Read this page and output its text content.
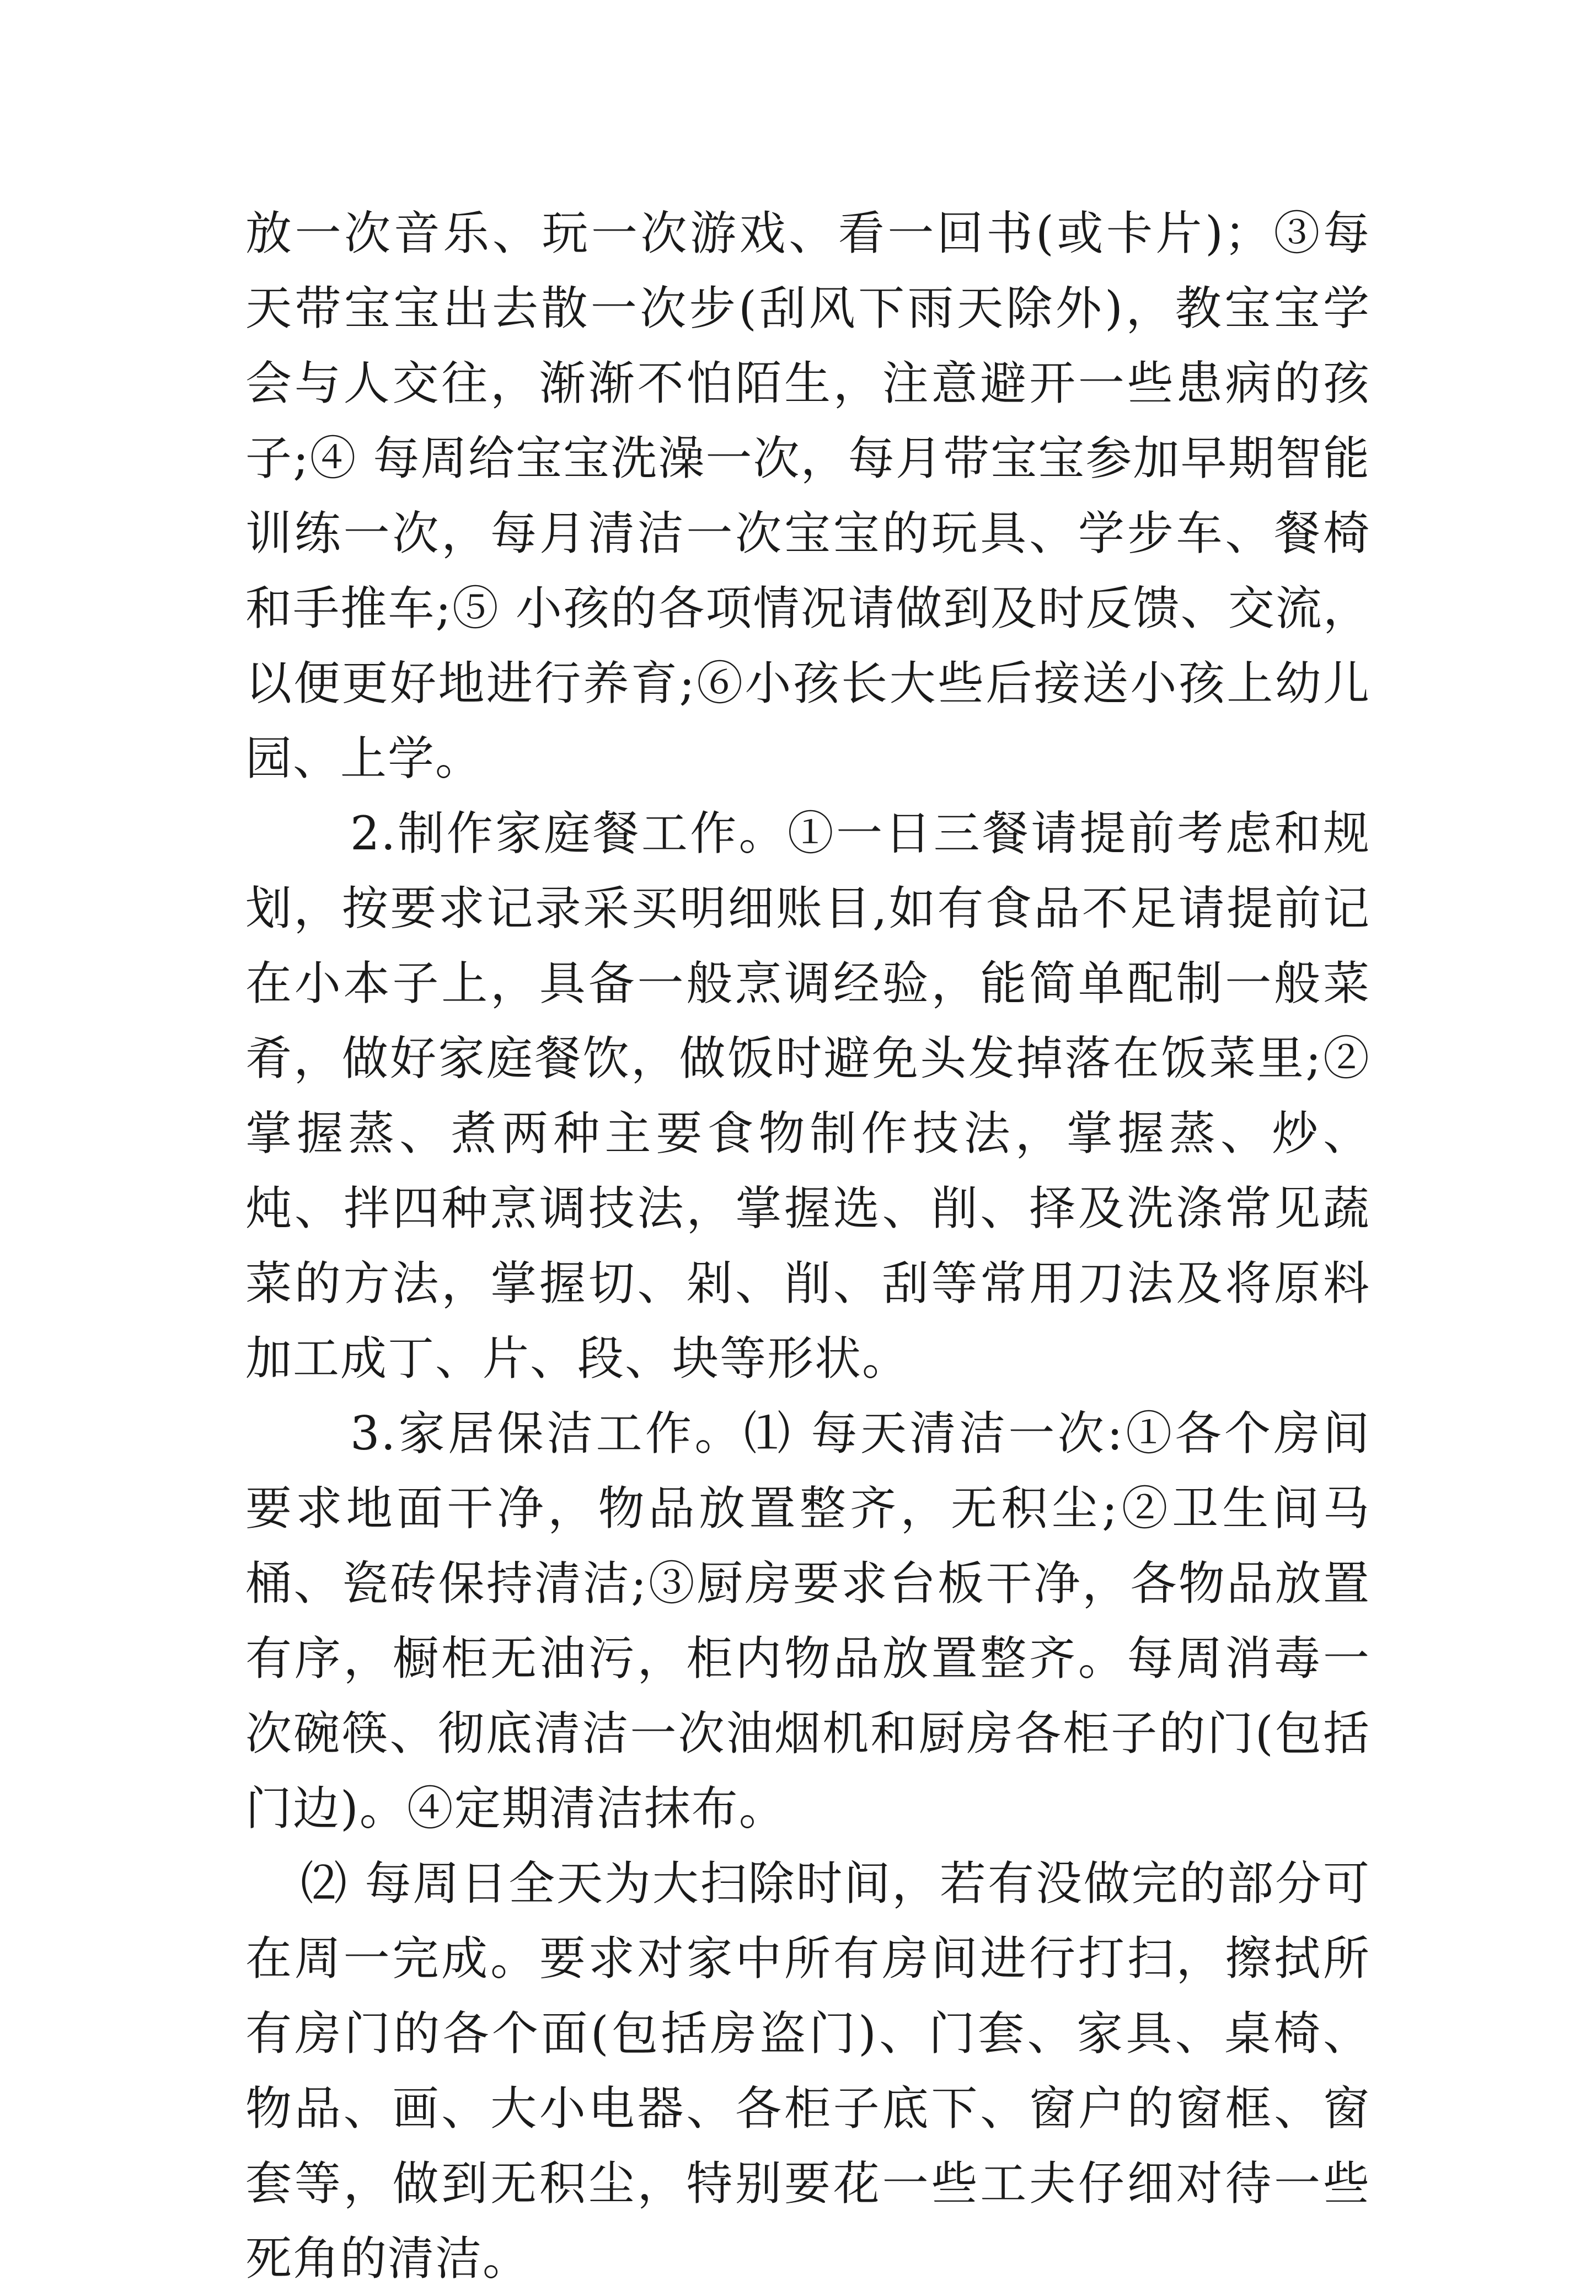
放一次音乐、玩一次游戏、看一回书(或卡片)；③每天带宝宝出去散一次步(刮风下雨天除外)，教宝宝学会与人交往，渐渐不怕陌生，注意避开一些患病的孩子;④ 每周给宝宝洗澡一次，每月带宝宝参加早期智能训练一次，每月清洁一次宝宝的玩具、学步车、餐椅和手推车;⑤ 小孩的各项情况请做到及时反馈、交流，以便更好地进行养育;⑥小孩长大些后接送小孩上幼儿园、上学。

2.制作家庭餐工作。①一日三餐请提前考虑和规划，按要求记录采买明细账目,如有食品不足请提前记在小本子上，具备一般烹调经验，能简单配制一般菜肴，做好家庭餐饮，做饭时避免头发掉落在饭菜里;②掌握蒸、煮两种主要食物制作技法，掌握蒸、炒、炖、拌四种烹调技法，掌握选、削、择及洗涤常见蔬菜的方法，掌握切、剁、削、刮等常用刀法及将原料加工成丁、片、段、块等形状。

3.家居保洁工作。⑴ 每天清洁一次:①各个房间要求地面干净，物品放置整齐，无积尘;②卫生间马桶、瓷砖保持清洁;③厨房要求台板干净，各物品放置有序，橱柜无油污，柜内物品放置整齐。每周消毒一次碗筷、彻底清洁一次油烟机和厨房各柜子的门(包括门边)。④定期清洁抹布。

⑵ 每周日全天为大扫除时间，若有没做完的部分可在周一完成。要求对家中所有房间进行打扫，擦拭所有房门的各个面(包括房盗门)、门套、家具、桌椅、物品、画、大小电器、各柜子底下、窗户的窗框、窗套等，做到无积尘，特别要花一些工夫仔细对待一些死角的清洁。
